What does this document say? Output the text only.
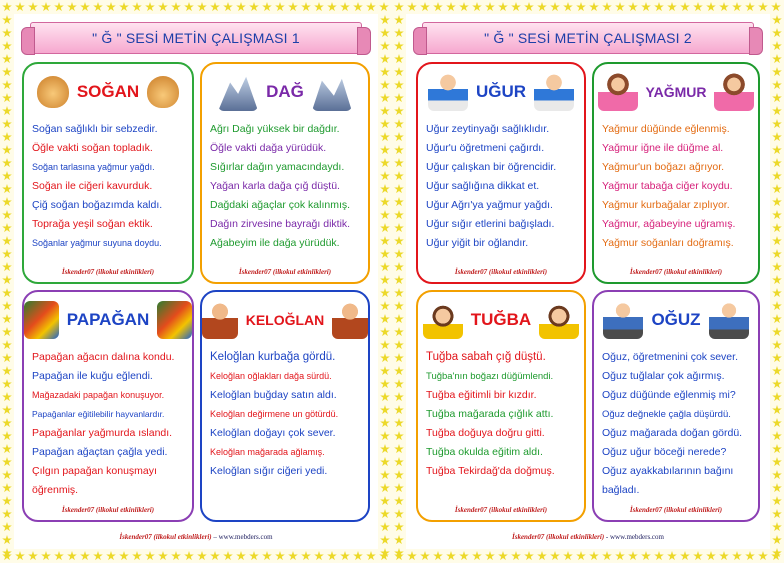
" Ğ " SESİ METİN ÇALIŞMASI 1
SOĞAN
Soğan sağlıklı bir sebzedir.
Öğle vakti soğan topladık.
Soğan tarlasına yağmur yağdı.
Soğan ile ciğeri kavurduk.
Çiğ soğan boğazımda kaldı.
Toprağa yeşil soğan ektik.
Soğanlar yağmur suyuna doydu.
İskender07 (ilkokul etkinlikleri)
DAĞ
Ağrı Dağı yüksek bir dağdır.
Öğle vakti dağa yürüdük.
Sığırlar dağın yamacındaydı.
Yağan karla dağa çığ düştü.
Dağdaki ağaçlar çok kalınmış.
Dağın zirvesine bayrağı diktik.
Ağabeyim ile dağa yürüdük.
İskender07 (ilkokul etkinlikleri)
PAPAĞAN
Papağan ağacın dalına kondu.
Papağan ile kuğu eğlendi.
Mağazadaki papağan konuşuyor.
Papağanlar eğitilebilir hayvanlardır.
Papağanlar yağmurda ıslandı.
Papağan ağaçtan çağla yedi.
Çılgın papağan konuşmayı
öğrenmiş.
İskender07 (ilkokul etkinlikleri)
KELOĞLAN
Keloğlan kurbağa gördü.
Keloğlan oğlakları dağa sürdü.
Keloğlan buğday satın aldı.
Keloğlan değirmene un götürdü.
Keloğlan doğayı çok sever.
Keloğlan mağarada ağlamış.
Keloğlan sığır ciğeri yedi.
İskender07 (ilkokul etkinlikleri) – www.mebders.com
" Ğ " SESİ METİN ÇALIŞMASI 2
UĞUR
Uğur zeytinyağı sağlıklıdır.
Uğur'u öğretmeni çağırdı.
Uğur çalışkan bir öğrencidir.
Uğur sağlığına dikkat et.
Uğur Ağrı'ya yağmur yağdı.
Uğur sığır etlerini bağışladı.
Uğur yiğit bir oğlandır.
İskender07 (ilkokul etkinlikleri)
YAĞMUR
Yağmur düğünde eğlenmiş.
Yağmur iğne ile düğme al.
Yağmur'un boğazı ağrıyor.
Yağmur tabağa ciğer koydu.
Yağmur kurbağalar zıplıyor.
Yağmur, ağabeyine uğramış.
Yağmur soğanları doğramış.
İskender07 (ilkokul etkinlikleri)
TUĞBA
Tuğba sabah çığ düştü.
Tuğba'nın boğazı düğümlendi.
Tuğba eğitimli bir kızdır.
Tuğba mağarada çığlık attı.
Tuğba doğuya doğru gitti.
Tuğba okulda eğitim aldı.
Tuğba Tekirdağ'da doğmuş.
İskender07 (ilkokul etkinlikleri)
OĞUZ
Oğuz, öğretmenini çok sever.
Oğuz tuğlalar çok ağırmış.
Oğuz düğünde eğlenmiş mi?
Oğuz değnekle çağla düşürdü.
Oğuz mağarada doğan gördü.
Oğuz uğur böceği nerede?
Oğuz ayakkabılarının bağını
bağladı.
İskender07 (ilkokul etkinlikleri)
İskender07 (ilkokul etkinlikleri) - www.mebders.com
